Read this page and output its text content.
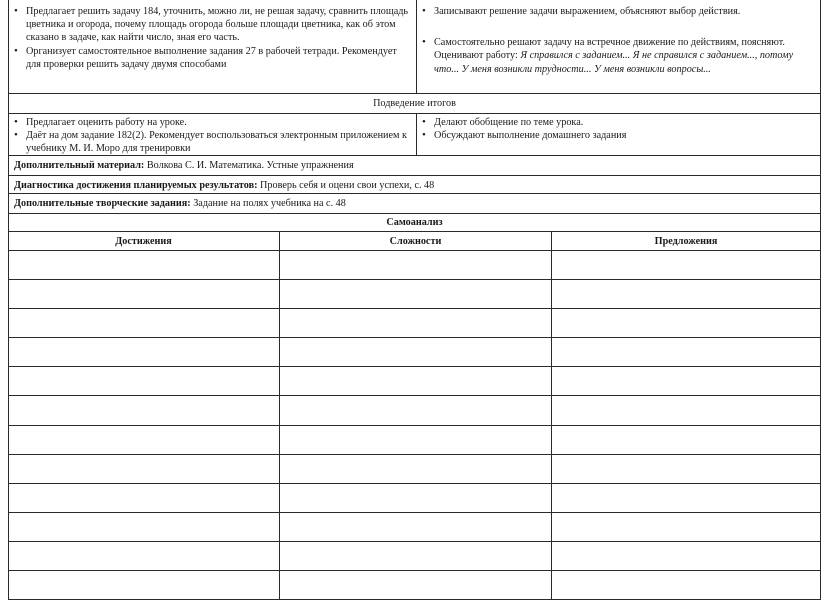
• Предлагает решить задачу 184, уточнить, можно ли, не решая задачу, сравнить площадь цветника и огорода, почему площадь огорода больше площади цветника, как об этом сказано в задаче, как найти число, зная его часть.
• Организует самостоятельное выполнение задания 27 в рабочей тетради. Рекомендует для проверки решить задачу двумя способами
• Записывают решение задачи выражением, объясняют выбор действия.
• Самостоятельно решают задачу на встречное движение по действиям, поясняют. Оценивают работу: Я справился с заданием... Я не справился с заданием..., потому что... У меня возникли трудности... У меня возникли вопросы...
Подведение итогов
• Предлагает оценить работу на уроке.
• Даёт на дом задание 182(2). Рекомендует воспользоваться электронным приложением к учебнику М. И. Моро для тренировки
• Делают обобщение по теме урока.
• Обсуждают выполнение домашнего задания
Дополнительный материал: Волкова С. И. Математика. Устные упражнения
Диагностика достижения планируемых результатов: Проверь себя и оцени свои успехи, с. 48
Дополнительные творческие задания: Задание на полях учебника на с. 48
Самоанализ
Достижения	Сложности	Предложения
